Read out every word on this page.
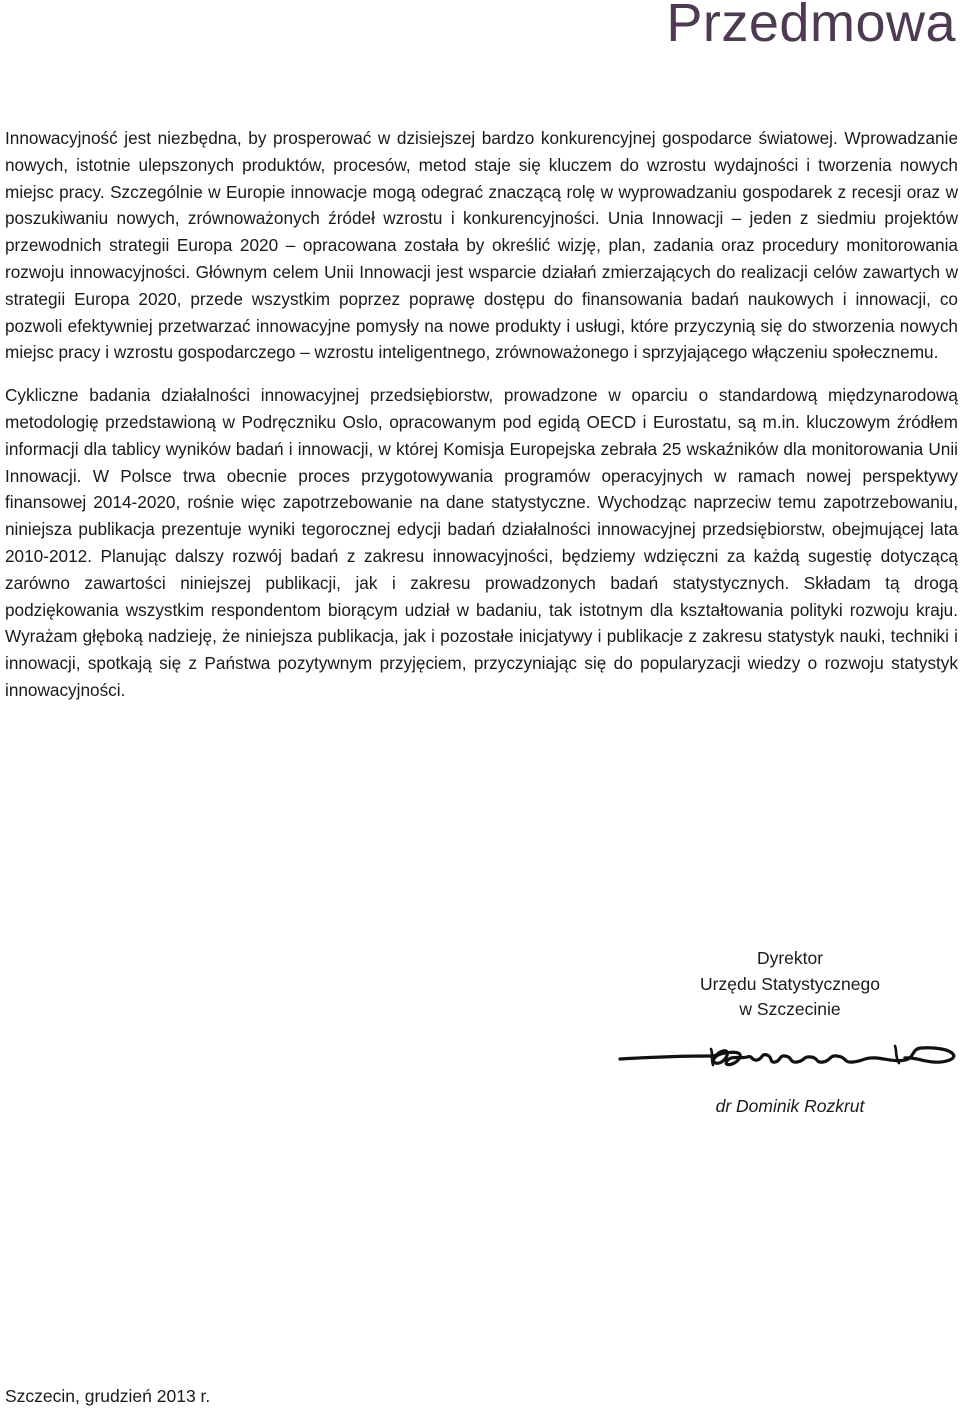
Przedmowa

Innowacyjność jest niezbędna, by prosperować w dzisiejszej bardzo konkurencyjnej gospodarce światowej. Wprowadzanie nowych, istotnie ulepszonych produktów, procesów, metod staje się kluczem do wzrostu wydajności i tworzenia nowych miejsc pracy. Szczególnie w Europie innowacje mogą odegrać znaczącą rolę w wyprowadzaniu gospodarek z recesji oraz w poszukiwaniu nowych, zrównoważonych źródeł wzrostu i konkurencyjności. Unia Innowacji – jeden z siedmiu projektów przewodnich strategii Europa 2020 – opracowana została by określić wizję, plan, zadania oraz procedury monitorowania rozwoju innowacyjności. Głównym celem Unii Innowacji jest wsparcie działań zmierzających do realizacji celów zawartych w strategii Europa 2020, przede wszystkim poprzez poprawę dostępu do finansowania badań naukowych i innowacji, co pozwoli efektywniej przetwarzać innowacyjne pomysły na nowe produkty i usługi, które przyczynią się do stworzenia nowych miejsc pracy i wzrostu gospodarczego – wzrostu inteligentnego, zrównoważonego i sprzyjającego włączeniu społecznemu.

Cykliczne badania działalności innowacyjnej przedsiębiorstw, prowadzone w oparciu o standardową międzynarodową metodologię przedstawioną w Podręczniku Oslo, opracowanym pod egidą OECD i Eurostatu, są m.in. kluczowym źródłem informacji dla tablicy wyników badań i innowacji, w której Komisja Europejska zebrała 25 wskaźników dla monitorowania Unii Innowacji. W Polsce trwa obecnie proces przygotowywania programów operacyjnych w ramach nowej perspektywy finansowej 2014-2020, rośnie więc zapotrzebowanie na dane statystyczne. Wychodząc naprzeciw temu zapotrzebowaniu, niniejsza publikacja prezentuje wyniki tegorocznej edycji badań działalności innowacyjnej przedsiębiorstw, obejmującej lata 2010-2012. Planując dalszy rozwój badań z zakresu innowacyjności, będziemy wdzięczni za każdą sugestię dotyczącą zarówno zawartości niniejszej publikacji, jak i zakresu prowadzonych badań statystycznych. Składam tą drogą podziękowania wszystkim respondentom biorącym udział w badaniu, tak istotnym dla kształtowania polityki rozwoju kraju. Wyrażam głęboką nadzieję, że niniejsza publikacja, jak i pozostałe inicjatywy i publikacje z zakresu statystyk nauki, techniki i innowacji, spotkają się z Państwa pozytywnym przyjęciem, przyczyniając się do popularyzacji wiedzy o rozwoju statystyk innowacyjności.

Dyrektor
Urzędu Statystycznego
w Szczecinie
dr Dominik Rozkrut
Szczecin, grudzień 2013 r.
